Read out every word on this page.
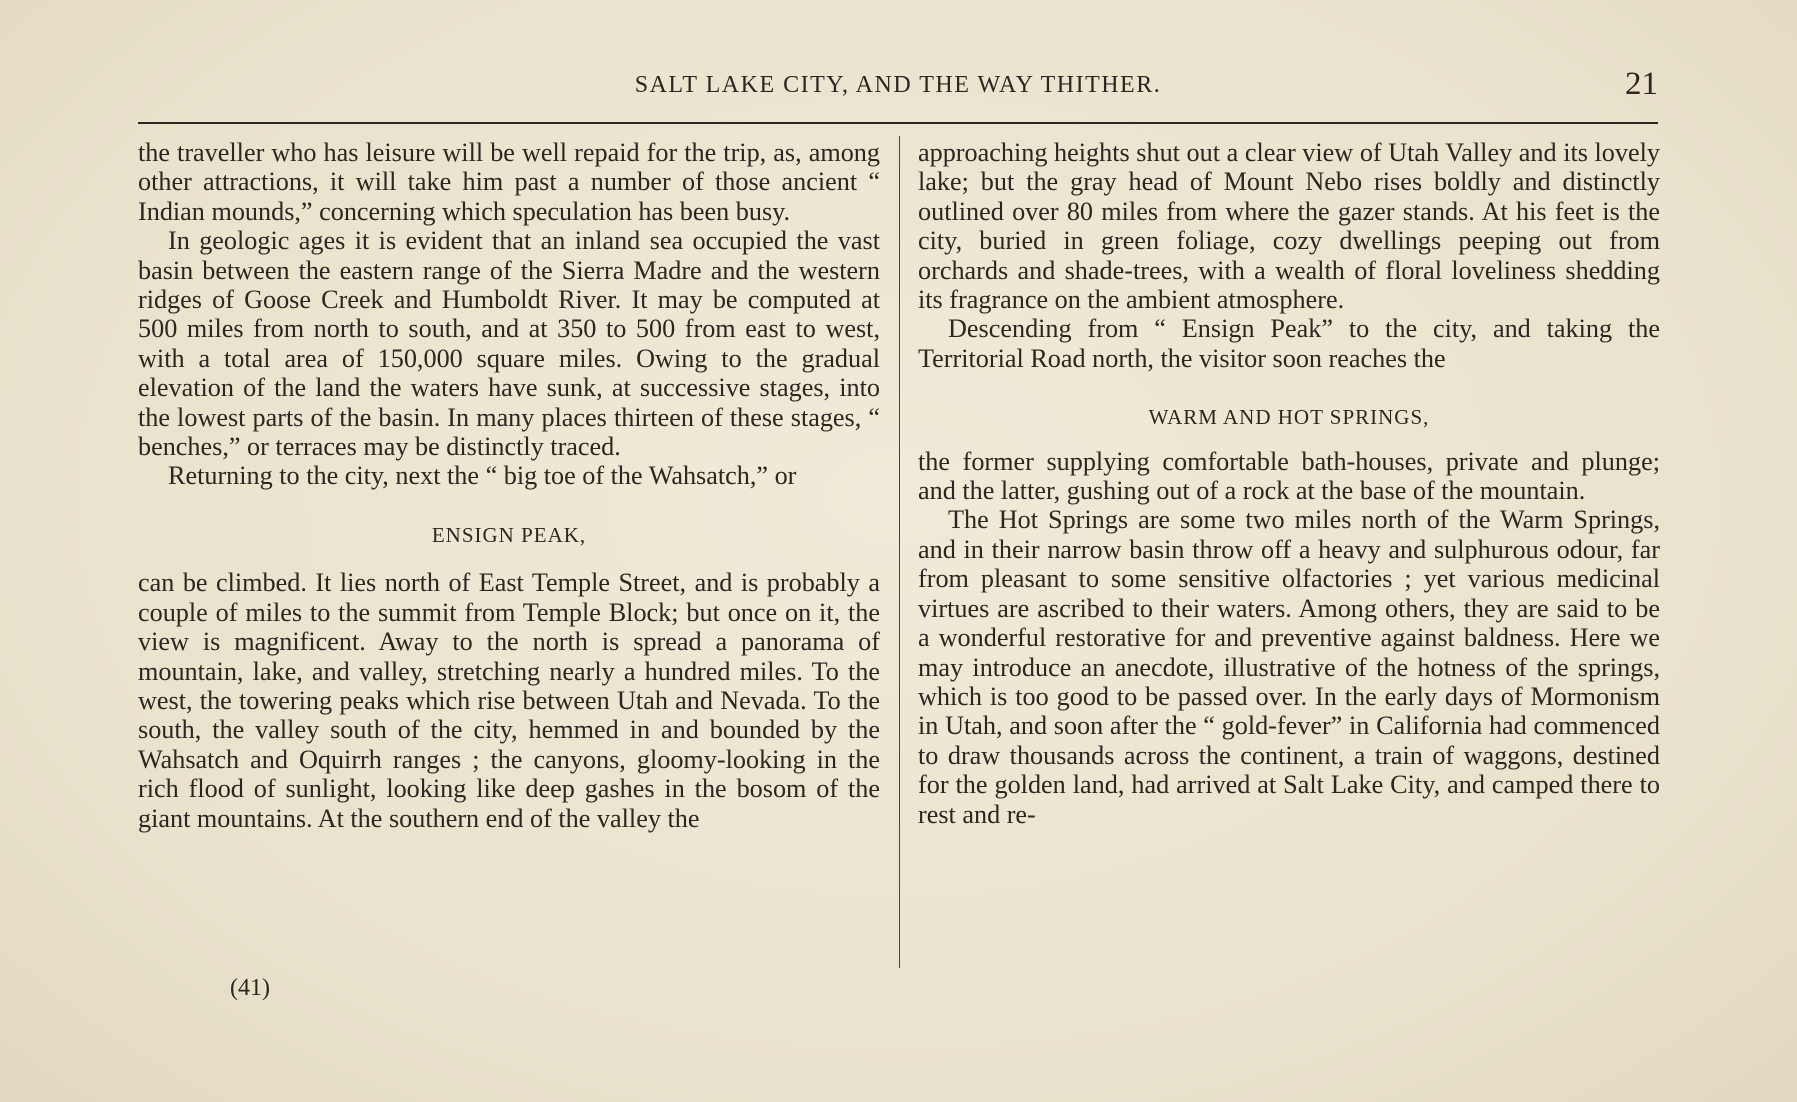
SALT LAKE CITY, AND THE WAY THITHER.	21

the traveller who has leisure will be well repaid for the trip, as, among other attractions, it will take him past a number of those ancient “ Indian mounds,” concerning which speculation has been busy.

In geologic ages it is evident that an inland sea occupied the vast basin between the eastern range of the Sierra Madre and the western ridges of Goose Creek and Humboldt River. It may be computed at 500 miles from north to south, and at 350 to 500 from east to west, with a total area of 150,000 square miles. Owing to the gradual elevation of the land the waters have sunk, at successive stages, into the lowest parts of the basin. In many places thirteen of these stages, “ benches,” or terraces may be distinctly traced.

Returning to the city, next the “ big toe of the Wahsatch,” or

ENSIGN PEAK,

can be climbed. It lies north of East Temple Street, and is probably a couple of miles to the summit from Temple Block; but once on it, the view is magnificent. Away to the north is spread a panorama of mountain, lake, and valley, stretching nearly a hundred miles. To the west, the towering peaks which rise between Utah and Nevada. To the south, the valley south of the city, hemmed in and bounded by the Wahsatch and Oquirrh ranges ; the canyons, gloomy-looking in the rich flood of sunlight, looking like deep gashes in the bosom of the giant mountains. At the southern end of the valley the

approaching heights shut out a clear view of Utah Valley and its lovely lake; but the gray head of Mount Nebo rises boldly and distinctly outlined over 80 miles from where the gazer stands. At his feet is the city, buried in green foliage, cozy dwellings peeping out from orchards and shade-trees, with a wealth of floral loveliness shedding its fragrance on the ambient atmosphere.

Descending from “ Ensign Peak” to the city, and taking the Territorial Road north, the visitor soon reaches the

WARM AND HOT SPRINGS,

the former supplying comfortable bath-houses, private and plunge; and the latter, gushing out of a rock at the base of the mountain.

The Hot Springs are some two miles north of the Warm Springs, and in their narrow basin throw off a heavy and sulphurous odour, far from pleasant to some sensitive olfactories ; yet various medicinal virtues are ascribed to their waters. Among others, they are said to be a wonderful restorative for and preventive against baldness. Here we may introduce an anecdote, illustrative of the hotness of the springs, which is too good to be passed over. In the early days of Mormonism in Utah, and soon after the “ gold-fever” in California had commenced to draw thousands across the continent, a train of waggons, destined for the golden land, had arrived at Salt Lake City, and camped there to rest and re-

(41)
